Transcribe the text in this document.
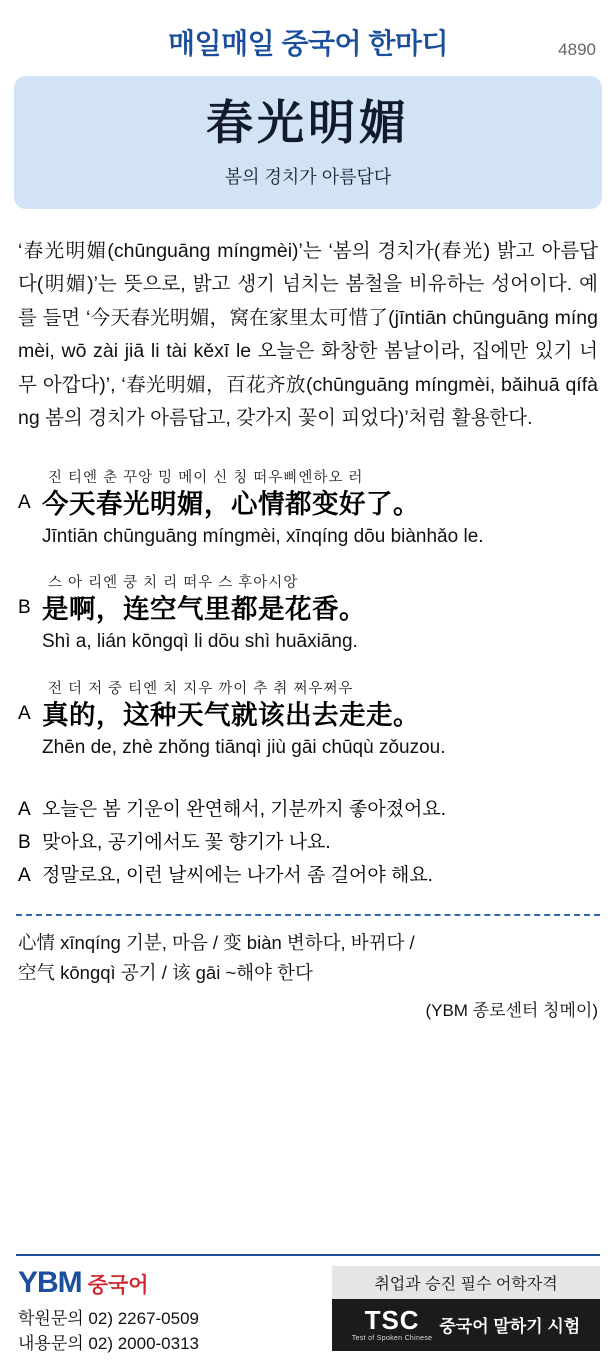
매일매일 중국어 한마디	4890
春光明媚
봄의 경치가 아름답다
‘春光明媚(chūnguāng míngmèi)’는 ‘봄의 경치가(春光) 밝고 아름답다(明媚)’는 뜻으로, 밝고 생기 넘치는 봄철을 비유하는 성어이다. 예를 들면 ‘今天春光明媚，窝在家里太可惜了(jīntiān chūnguāng míngmèi, wō zài jiā li tài kěxī le 오늘은 화창한 봄날이라, 집에만 있기 너무 아깝다)’, ‘春光明媚，百花齐放(chūnguāng míngmèi, bǎihuā qífàng 봄의 경치가 아름답고, 갖가지 꽃이 피었다)’처럼 활용한다.
진 티엔 춘 꾸앙 밍 메이 신 칭 떠우삐엔하오 러
A 今天春光明媚，心情都变好了。
Jīntiān chūnguāng míngmèi, xīnqíng dōu biànhǎo le.
스 아 리엔 쿵 치 리 떠우 스 후아시앙
B 是啊，连空气里都是花香。
Shì a, lián kōngqì li dōu shì huāxiāng.
전 더 저 중 티엔 치 지우 까이 추 취 쩌우쩌우
A 真的，这种天气就该出去走走。
Zhēn de, zhè zhǒng tiānqì jiù gāi chūqù zǒuzou.
A 오늘은 봄 기운이 완연해서, 기분까지 좋아졌어요.
B 맞아요, 공기에서도 꽃 향기가 나요.
A 정말로요, 이런 날씨에는 나가서 좀 걸어야 해요.
心情 xīnqíng 기분, 마음 / 变 biàn 변하다, 바뀌다 /
空气 kōngqì 공기 / 该 gāi ~해야 한다
(YBM 종로센터 칭메이)
YBM 중국어
학원문의 02) 2267-0509
내용문의 02) 2000-0313
취업과 승진 필수 어학자격
TSC
Test of Spoken Chinese
중국어 말하기 시험
